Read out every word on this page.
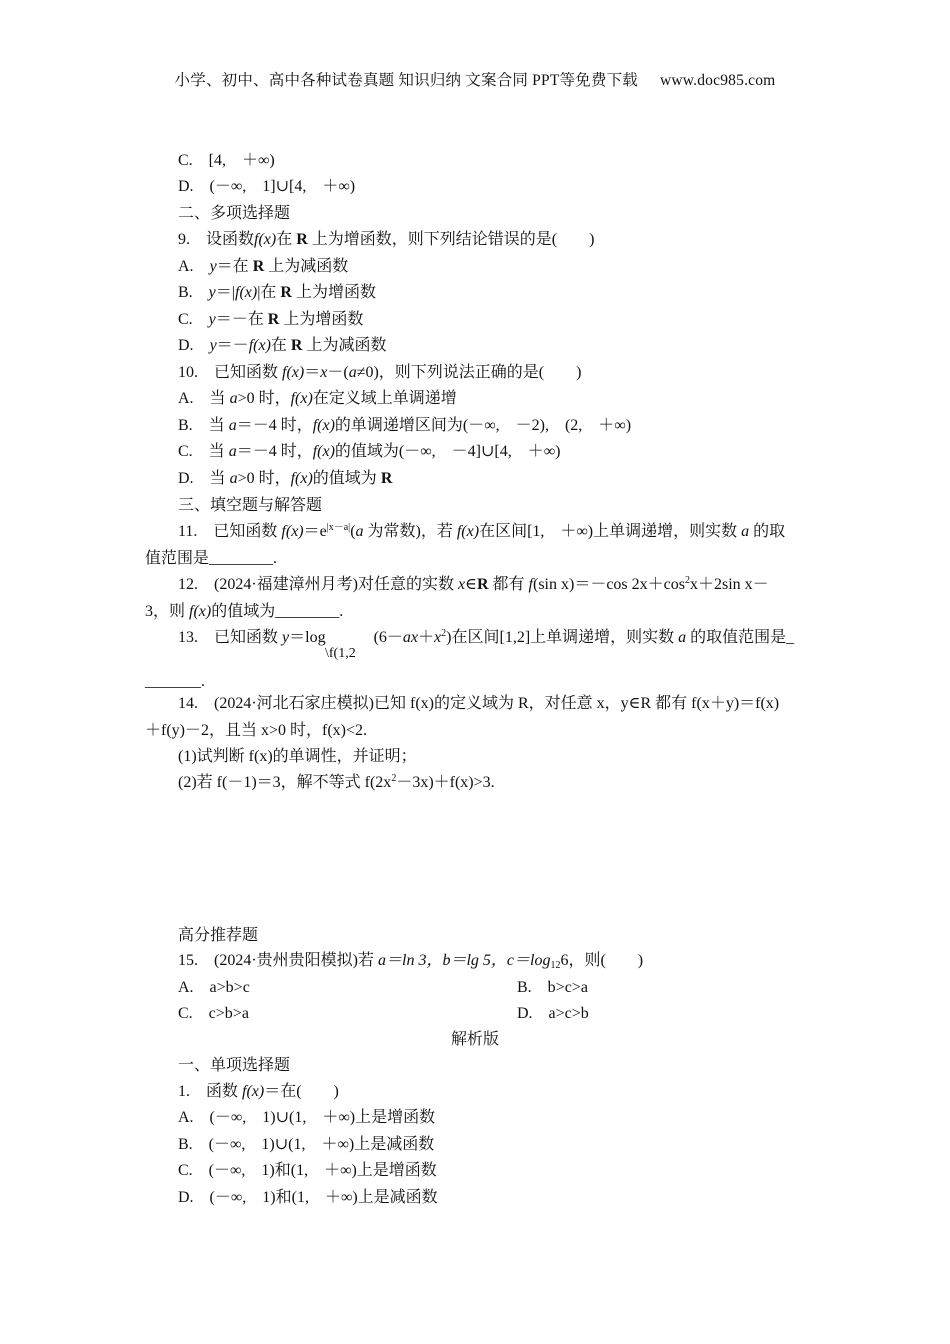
小学、初中、高中各种试卷真题 知识归纳 文案合同 PPT等免费下载 www.doc985.com
C. [4, ＋∞)
D. (－∞, 1]∪[4, ＋∞)
二、多项选择题
9. 设函数f(x)在 R 上为增函数，则下列结论错误的是(  )
A. y＝在 R 上为减函数
B. y＝|f(x)|在 R 上为增函数
C. y＝－在 R 上为增函数
D. y＝－f(x)在 R 上为减函数
10. 已知函数 f(x)＝x－(a≠0)，则下列说法正确的是(  )
A. 当 a>0 时，f(x)在定义域上单调递增
B. 当 a＝－4 时，f(x)的单调递增区间为(－∞, －2), (2, ＋∞)
C. 当 a＝－4 时，f(x)的值域为(－∞, －4]∪[4, ＋∞)
D. 当 a>0 时，f(x)的值域为 R
三、填空题与解答题
11. 已知函数 $f(x)=e^{|x-a|}(a$ 为常数)，若 f(x)在区间[1, ＋∞)上单调递增，则实数 a 的取
值范围是________.
12. (2024·福建漳州月考)对任意的实数 x∈R 都有 f(sin x)＝－cos $2x+\cos^2x+2\sin$ x－
3，则 f(x)的值域为________.
13. 已知函数 y＝log   	$(6-ax+x^2)$在区间[1,2]上单调递增，则实数 a 的取值范围是_
\f(1,2
_______.
14. (2024·河北石家庄模拟)已知 f(x)的定义域为 R，对任意 x，y∈R 都有 f(x＋y)＝f(x)
＋f(y)－2，且当 x>0 时，f(x)<2.
(1)试判断 f(x)的单调性，并证明；
(2)若 f(－1)＝3，解不等式 $f(2x^2-3x)+f(x)>3$.
高分推荐题
15. (2024·贵州贵阳模拟)若 a＝ln 3，b＝lg 5，$c=\log_{12}6$，则(  )
A. a>b>c	B. b>c>a
C. c>b>a	D. a>c>b
解析版
一、单项选择题
1. 函数 f(x)＝在(  )
A. (－∞, 1)∪(1, ＋∞)上是增函数
B. (－∞, 1)∪(1, ＋∞)上是减函数
C. (－∞, 1)和(1, ＋∞)上是增函数
D. (－∞, 1)和(1, ＋∞)上是减函数
